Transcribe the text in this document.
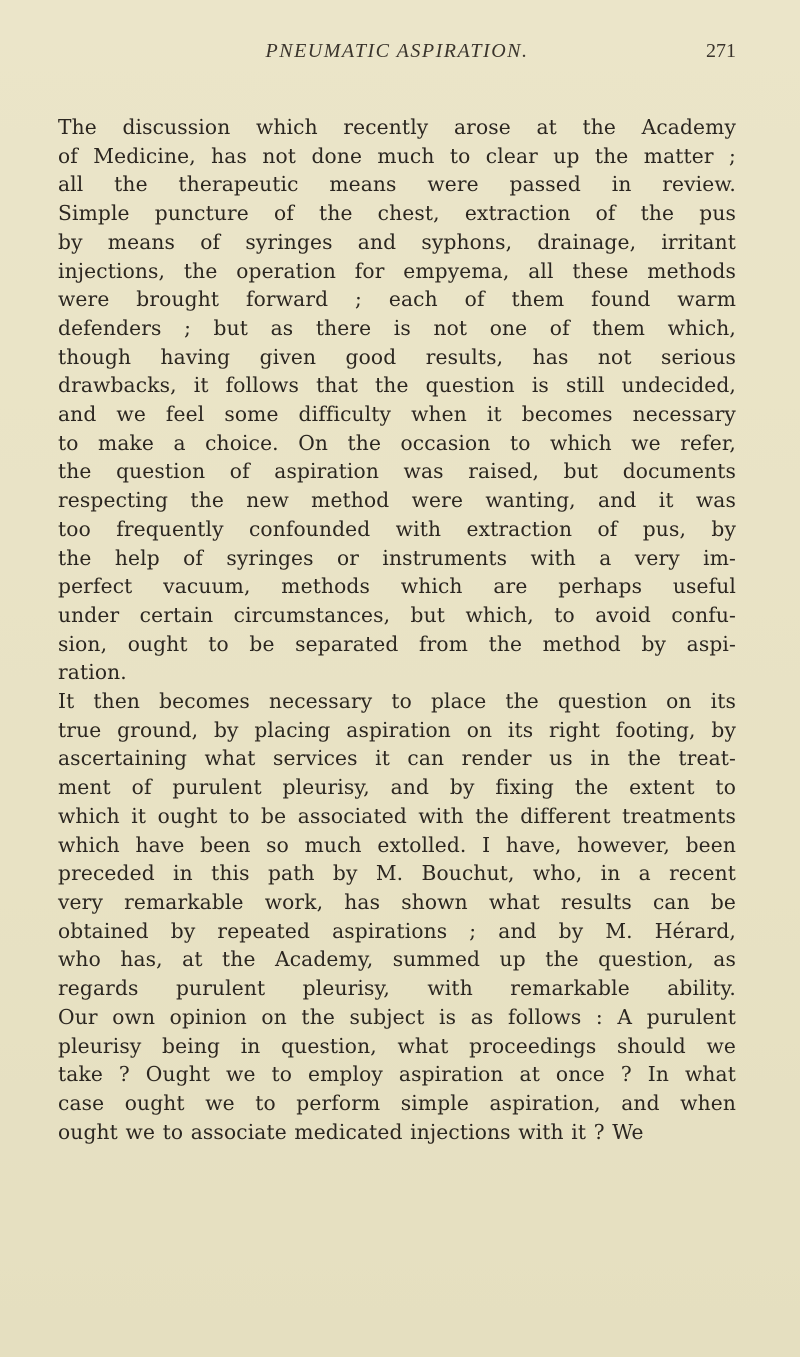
PNEUMATIC ASPIRATION.	271
The discussion which recently arose at the Academy
of Medicine, has not done much to clear up the matter ;
all the therapeutic means were passed in review.
Simple puncture of the chest, extraction of the pus
by means of syringes and syphons, drainage, irritant
injections, the operation for empyema, all these methods
were brought forward ; each of them found warm
defenders ; but as there is not one of them which,
though having given good results, has not serious
drawbacks, it follows that the question is still undecided,
and we feel some difficulty when it becomes necessary
to make a choice. On the occasion to which we refer,
the question of aspiration was raised, but documents
respecting the new method were wanting, and it was
too frequently confounded with extraction of pus, by
the help of syringes or instruments with a very im-
perfect vacuum, methods which are perhaps useful
under certain circumstances, but which, to avoid confu-
sion, ought to be separated from the method by aspi-
ration.
It then becomes necessary to place the question on its
true ground, by placing aspiration on its right footing, by
ascertaining what services it can render us in the treat-
ment of purulent pleurisy, and by fixing the extent to
which it ought to be associated with the different treatments
which have been so much extolled. I have, however, been
preceded in this path by M. Bouchut, who, in a recent
very remarkable work, has shown what results can be
obtained by repeated aspirations ; and by M. Hérard,
who has, at the Academy, summed up the question, as
regards purulent pleurisy, with remarkable ability.
Our own opinion on the subject is as follows : A purulent
pleurisy being in question, what proceedings should we
take ? Ought we to employ aspiration at once ? In what
case ought we to perform simple aspiration, and when
ought we to associate medicated injections with it ? We
